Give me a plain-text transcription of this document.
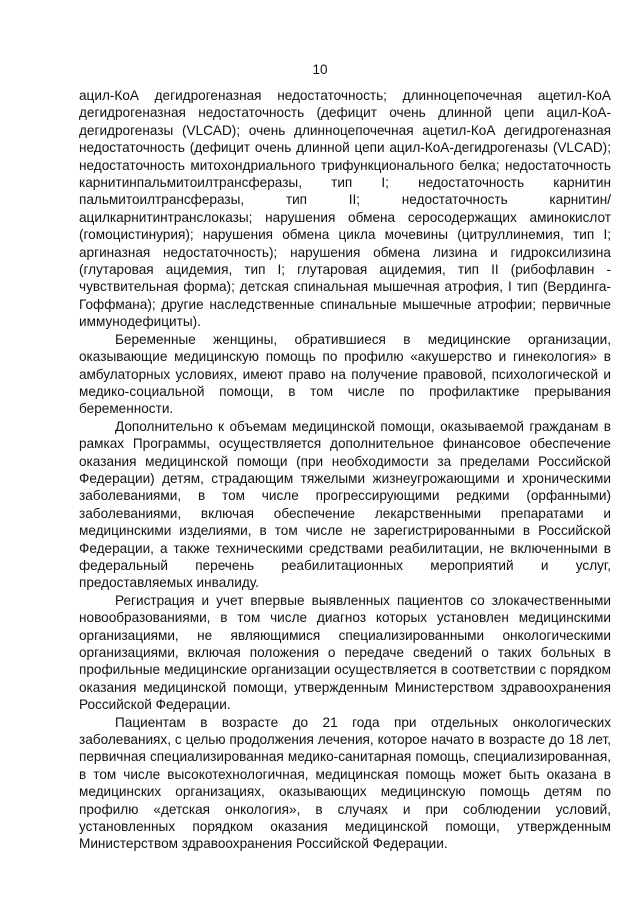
10

ацил-КоА дегидрогеназная недостаточность; длинноцепочечная ацетил-КоА дегидрогеназная недостаточность (дефицит очень длинной цепи ацил-КоА-дегидрогеназы (VLCAD); очень длинноцепочечная ацетил-КоА дегидрогеназная недостаточность (дефицит очень длинной цепи ацил-КоА-дегидрогеназы (VLCAD); недостаточность митохондриального трифункционального белка; недостаточность карнитинпальмитоилтрансферазы, тип I; недостаточность карнитин пальмитоилтрансферазы, тип II; недостаточность карнитин/ацилкарнитинтранслоказы; нарушения обмена серосодержащих аминокислот (гомоцистинурия); нарушения обмена цикла мочевины (цитруллинемия, тип I; аргиназная недостаточность); нарушения обмена лизина и гидроксилизина (глутаровая ацидемия, тип I; глутаровая ацидемия, тип II (рибофлавин - чувствительная форма); детская спинальная мышечная атрофия, I тип (Вердинга-Гоффмана); другие наследственные спинальные мышечные атрофии; первичные иммунодефициты).

Беременные женщины, обратившиеся в медицинские организации, оказывающие медицинскую помощь по профилю «акушерство и гинекология» в амбулаторных условиях, имеют право на получение правовой, психологической и медико-социальной помощи, в том числе по профилактике прерывания беременности.

Дополнительно к объемам медицинской помощи, оказываемой гражданам в рамках Программы, осуществляется дополнительное финансовое обеспечение оказания медицинской помощи (при необходимости за пределами Российской Федерации) детям, страдающим тяжелыми жизнеугрожающими и хроническими заболеваниями, в том числе прогрессирующими редкими (орфанными) заболеваниями, включая обеспечение лекарственными препаратами и медицинскими изделиями, в том числе не зарегистрированными в Российской Федерации, а также техническими средствами реабилитации, не включенными в федеральный перечень реабилитационных мероприятий и услуг, предоставляемых инвалиду.

Регистрация и учет впервые выявленных пациентов со злокачественными новообразованиями, в том числе диагноз которых установлен медицинскими организациями, не являющимися специализированными онкологическими организациями, включая положения о передаче сведений о таких больных в профильные медицинские организации осуществляется в соответствии с порядком оказания медицинской помощи, утвержденным Министерством здравоохранения Российской Федерации.

Пациентам в возрасте до 21 года при отдельных онкологических заболеваниях, с целью продолжения лечения, которое начато в возрасте до 18 лет, первичная специализированная медико-санитарная помощь, специализированная, в том числе высокотехнологичная, медицинская помощь может быть оказана в медицинских организациях, оказывающих медицинскую помощь детям по профилю «детская онкология», в случаях и при соблюдении условий, установленных порядком оказания медицинской помощи, утвержденным Министерством здравоохранения Российской Федерации.
